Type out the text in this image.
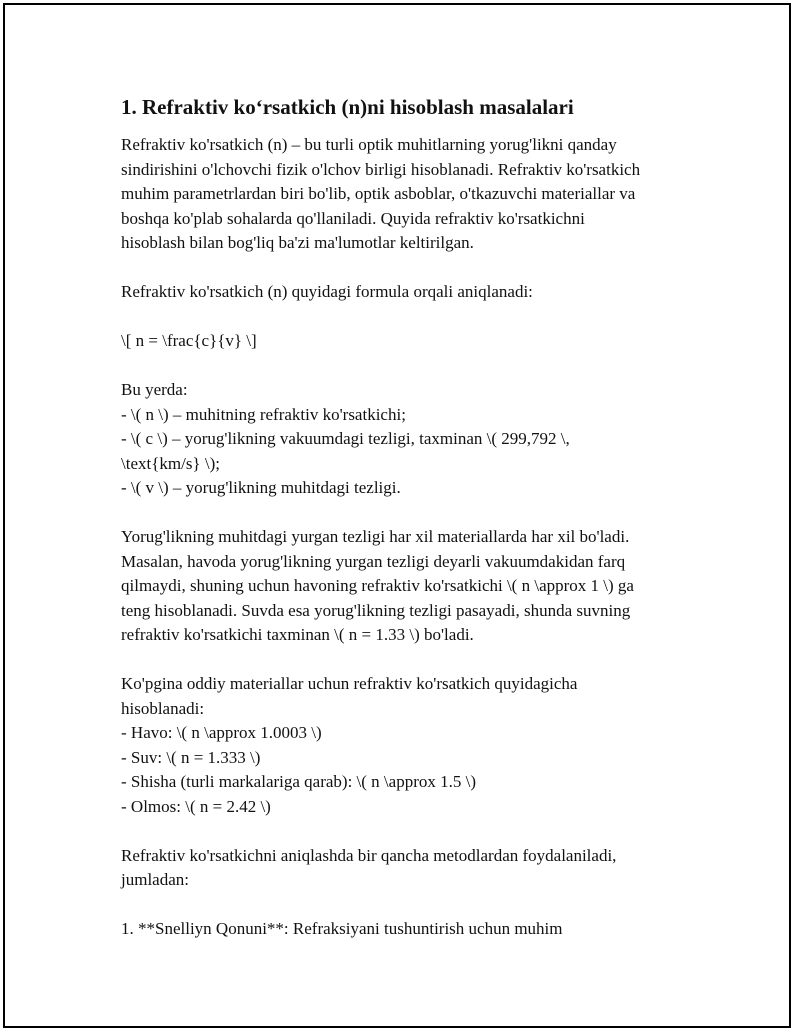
1. Refraktiv ko‘rsatkich (n)ni hisoblash masalalari

Refraktiv ko'rsatkich (n) – bu turli optik muhitlarning yorug'likni qanday
sindirishini o'lchovchi fizik o'lchov birligi hisoblanadi. Refraktiv ko'rsatkich
muhim parametrlardan biri bo'lib, optik asboblar, o'tkazuvchi materiallar va
boshqa ko'plab sohalarda qo'llaniladi. Quyida refraktiv ko'rsatkichni
hisoblash bilan bog'liq ba'zi ma'lumotlar keltirilgan.

Refraktiv ko'rsatkich (n) quyidagi formula orqali aniqlanadi:

\[ n = \frac{c}{v} \]

Bu yerda:
- \( n \) – muhitning refraktiv ko'rsatkichi;
- \( c \) – yorug'likning vakuumdagi tezligi, taxminan \( 299,792 \,
\text{km/s} \);
- \( v \) – yorug'likning muhitdagi tezligi.

Yorug'likning muhitdagi yurgan tezligi har xil materiallarda har xil bo'ladi.
Masalan, havoda yorug'likning yurgan tezligi deyarli vakuumdakidan farq
qilmaydi, shuning uchun havoning refraktiv ko'rsatkichi \( n \approx 1 \) ga
teng hisoblanadi. Suvda esa yorug'likning tezligi pasayadi, shunda suvning
refraktiv ko'rsatkichi taxminan \( n = 1.33 \) bo'ladi.

Ko'pgina oddiy materiallar uchun refraktiv ko'rsatkich quyidagicha
hisoblanadi:
- Havo: \( n \approx 1.0003 \)
- Suv: \( n = 1.333 \)
- Shisha (turli markalariga qarab): \( n \approx 1.5 \)
- Olmos: \( n = 2.42 \)

Refraktiv ko'rsatkichni aniqlashda bir qancha metodlardan foydalaniladi,
jumladan:

1. **Snelliyn Qonuni**: Refraksiyani tushuntirish uchun muhim
